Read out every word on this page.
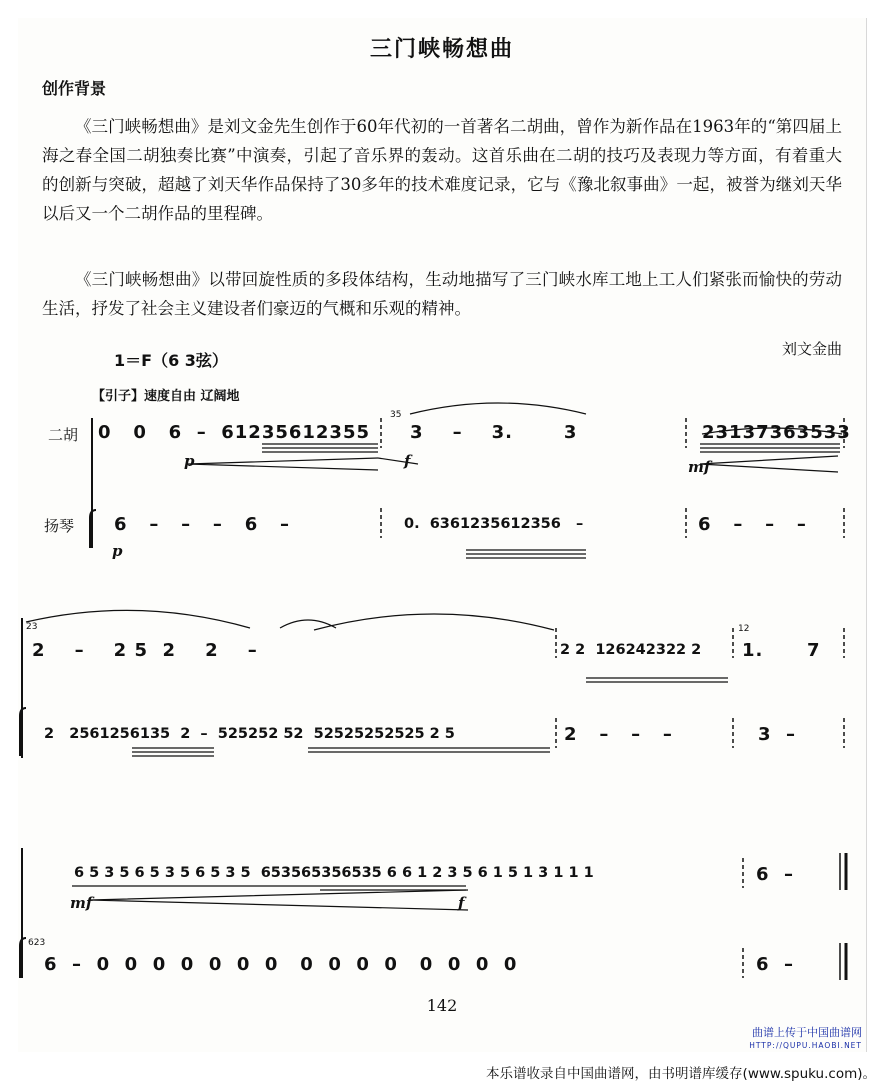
三门峡畅想曲
创作背景

《三门峡畅想曲》是刘文金先生创作于60年代初的一首著名二胡曲，曾作为新作品在1963年的“第四届上海之春全国二胡独奏比赛”中演奏，引起了音乐界的轰动。这首乐曲在二胡的技巧及表现力等方面，有着重大的创新与突破，超越了刘天华作品保持了30多年的技术难度记录，它与《豫北叙事曲》一起，被誉为继刘天华以后又一个二胡作品的里程碑。

《三门峡畅想曲》以带回旋性质的多段体结构，生动地描写了三门峡水库工地上工人们紧张而愉快的劳动生活，抒发了社会主义建设者们豪迈的气概和乐观的精神。

刘文金曲
1＝F（6 3弦）
【引子】速度自由 辽阔地
二胡
扬琴
0   0   6  –  61235612355
35
3    –    3.       3	23137363533
p	f	mf
6   –   –   –   6   –
p
0.  6361235612356   –	6   –   –   –
23
2    –    2 5  2    2    –	2 2  126242322 2
12
1.      7
2   2561256135  2  –  525252 52  52525252525 2 5	2   –   –   –	3  –
6 5 3 5 6 5 3 5 6 5 3 5  653565356535 6 6 1 2 3 5 6 1 5 1 3 1 1 1	6  –
mf	f
623
6  –  0  0  0  0  0  0  0   0  0  0  0   0  0  0  0	6  –
142
曲谱上传于中国曲谱网
HTTP://QUPU.HAOBI.NET
本乐谱收录自中国曲谱网，由书明谱库缓存(www.spuku.com)。
